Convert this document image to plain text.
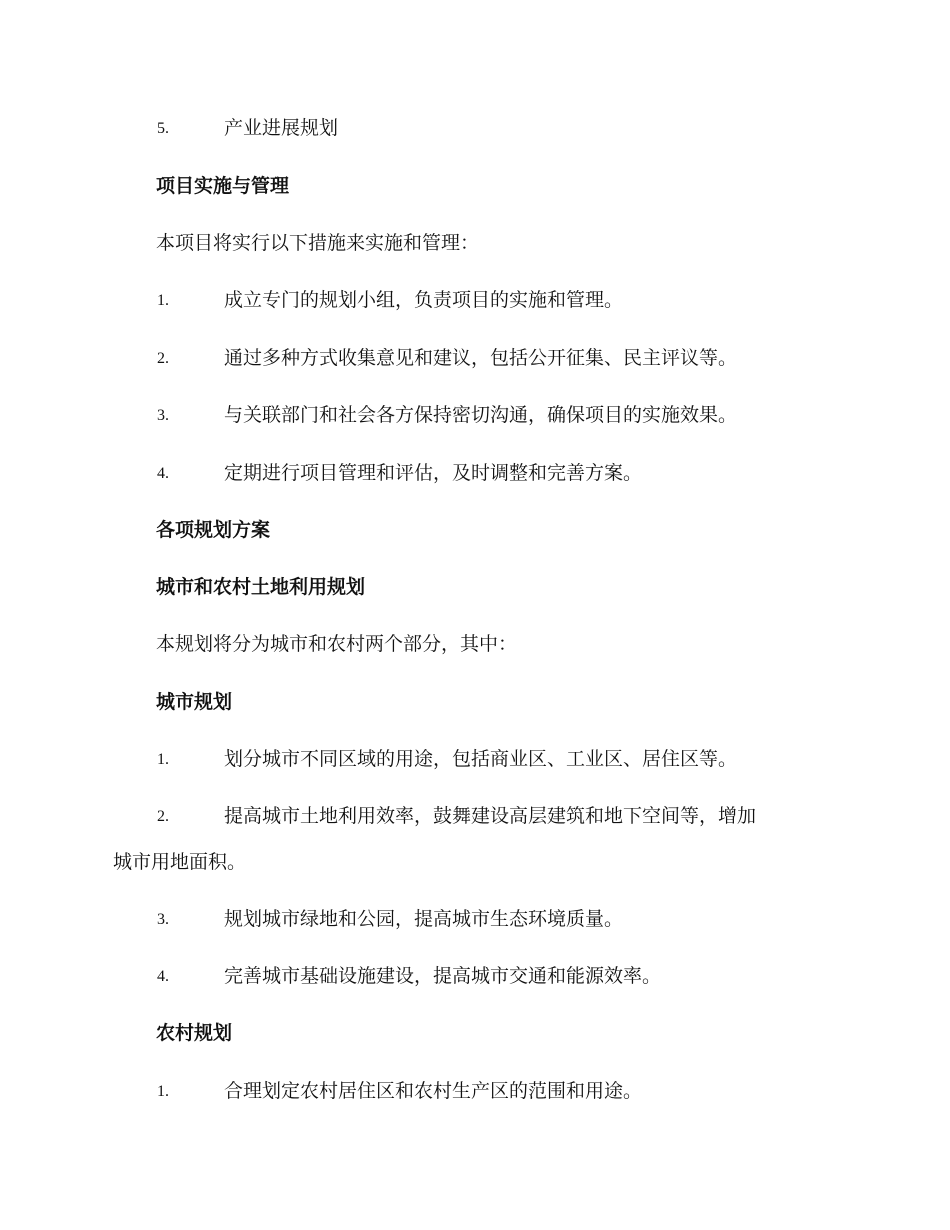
5.	产业进展规划
项目实施与管理
本项目将实行以下措施来实施和管理：
1.	成立专门的规划小组，负责项目的实施和管理。
2.	通过多种方式收集意见和建议，包括公开征集、民主评议等。
3.	与关联部门和社会各方保持密切沟通，确保项目的实施效果。
4.	定期进行项目管理和评估，及时调整和完善方案。
各项规划方案
城市和农村土地利用规划
本规划将分为城市和农村两个部分，其中：
城市规划
1.	划分城市不同区域的用途，包括商业区、工业区、居住区等。
2.	提高城市土地利用效率，鼓舞建设高层建筑和地下空间等，增加
城市用地面积。
3.	规划城市绿地和公园，提高城市生态环境质量。
4.	完善城市基础设施建设，提高城市交通和能源效率。
农村规划
1.	合理划定农村居住区和农村生产区的范围和用途。
